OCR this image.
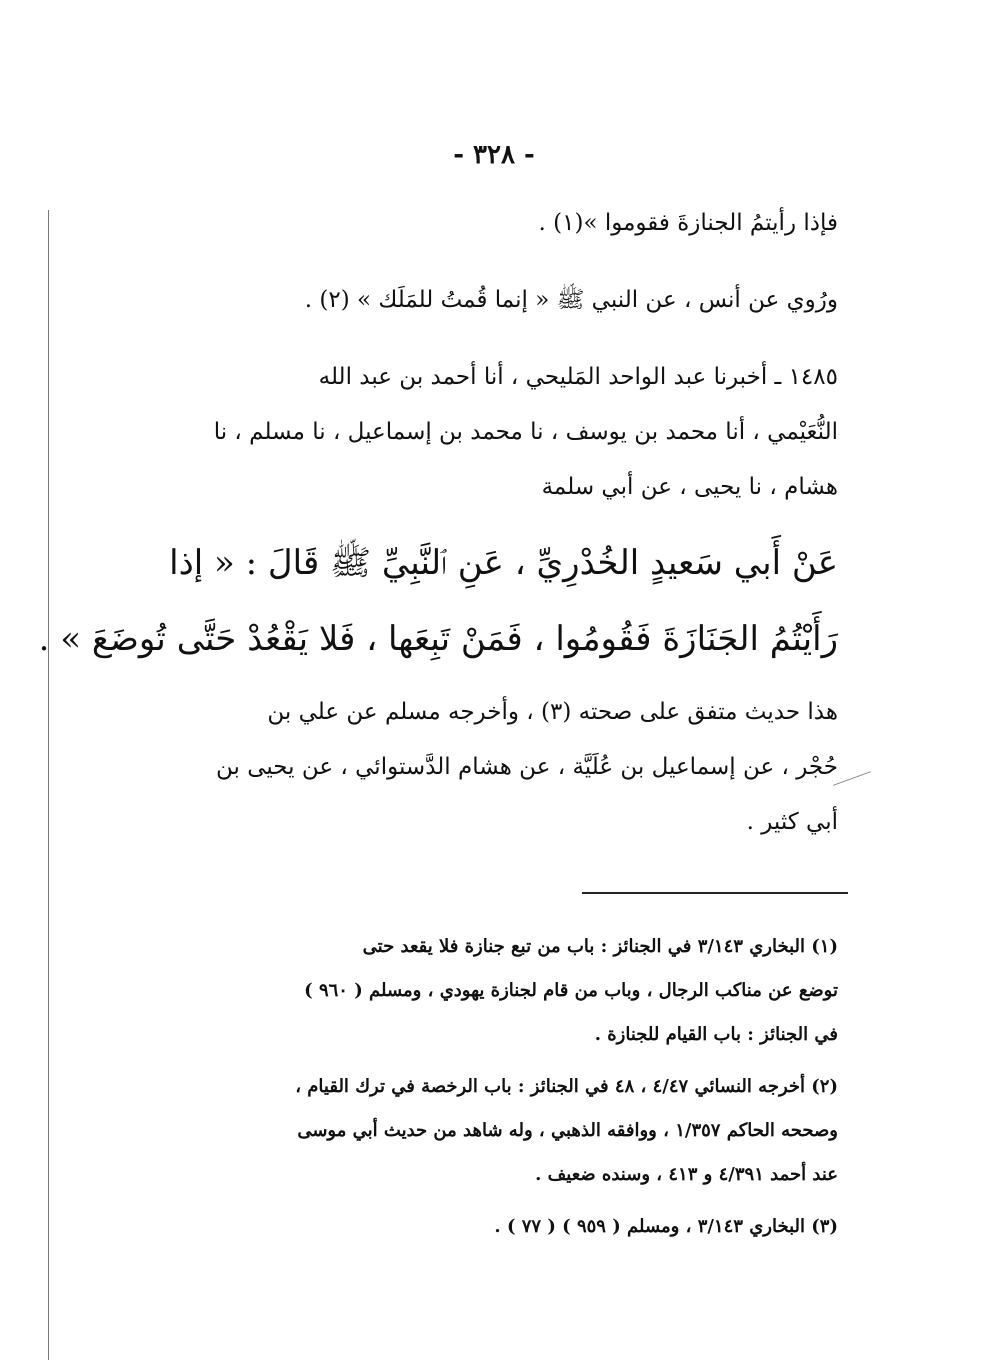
- ٣٢٨ -
فإذا رأيتمُ الجنازةَ فقوموا »(١) .
ورُوي عن أنس ، عن النبي ﷺ « إنما قُمتُ للمَلَك » (٢) .
١٤٨٥ ـ أخبرنا عبد الواحد المَليحي ، أنا أحمد بن عبد الله
النُّعَيْمي ، أنا محمد بن يوسف ، نا محمد بن إسماعيل ، نا مسلم ، نا
هشام ، نا يحيى ، عن أبي سلمة
عَنْ أَبي سَعيدٍ الخُدْرِيِّ ، عَنِ ٱلنَّبِيِّ ﷺ قَالَ : « إذا
رَأَيْتُمُ الجَنَازَةَ فَقُومُوا ، فَمَنْ تَبِعَها ، فَلا يَقْعُدْ حَتَّى تُوضَعَ » .
هذا حديث متفق على صحته (٣) ، وأخرجه مسلم عن علي بن
حُجْر ، عن إسماعيل بن عُلَيَّة ، عن هشام الدَّستوائي ، عن يحيى بن
أبي كثير .
(١) البخاري ٣/١٤٣ في الجنائز : باب من تبع جنازة فلا يقعد حتى
توضع عن مناكب الرجال ، وباب من قام لجنازة يهودي ، ومسلم ( ٩٦٠ )
في الجنائز : باب القيام للجنازة .
(٢) أخرجه النسائي ٤/٤٧ ، ٤٨ في الجنائز : باب الرخصة في ترك القيام ،
وصححه الحاكم ١/٣٥٧ ، ووافقه الذهبي ، وله شاهد من حديث أبي موسى
عند أحمد ٤/٣٩١ و ٤١٣ ، وسنده ضعيف .
(٣) البخاري ٣/١٤٣ ، ومسلم ( ٩٥٩ ) ( ٧٧ ) .
